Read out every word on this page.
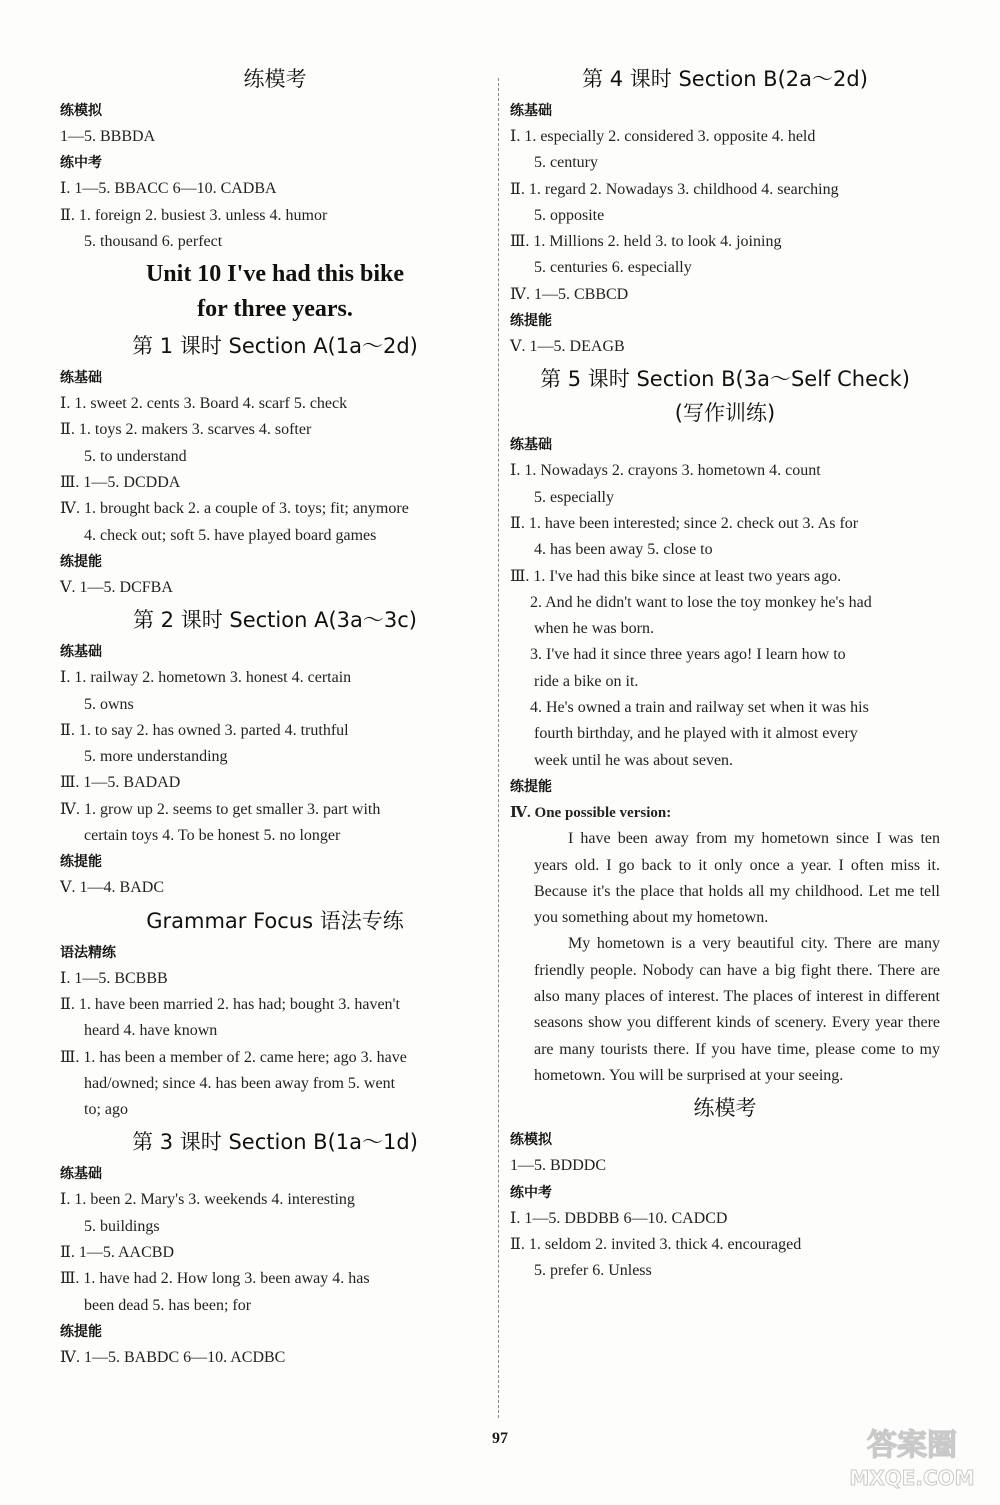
练模考
练模拟
1—5. BBBDA
练中考
Ⅰ. 1—5. BBACC 6—10. CADBA
Ⅱ. 1. foreign 2. busiest 3. unless 4. humor
5. thousand 6. perfect
Unit 10 I've had this bike
for three years.
第 1 课时 Section A(1a～2d)
练基础
Ⅰ. 1. sweet 2. cents 3. Board 4. scarf 5. check
Ⅱ. 1. toys 2. makers 3. scarves 4. softer
5. to understand
Ⅲ. 1—5. DCDDA
Ⅳ. 1. brought back 2. a couple of 3. toys; fit; anymore
4. check out; soft 5. have played board games
练提能
Ⅴ. 1—5. DCFBA
第 2 课时 Section A(3a～3c)
练基础
Ⅰ. 1. railway 2. hometown 3. honest 4. certain
5. owns
Ⅱ. 1. to say 2. has owned 3. parted 4. truthful
5. more understanding
Ⅲ. 1—5. BADAD
Ⅳ. 1. grow up 2. seems to get smaller 3. part with
certain toys 4. To be honest 5. no longer
练提能
Ⅴ. 1—4. BADC
Grammar Focus 语法专练
语法精练
Ⅰ. 1—5. BCBBB
Ⅱ. 1. have been married 2. has had; bought 3. haven't
heard 4. have known
Ⅲ. 1. has been a member of 2. came here; ago 3. have
had/owned; since 4. has been away from 5. went
to; ago
第 3 课时 Section B(1a～1d)
练基础
Ⅰ. 1. been 2. Mary's 3. weekends 4. interesting
5. buildings
Ⅱ. 1—5. AACBD
Ⅲ. 1. have had 2. How long 3. been away 4. has
been dead 5. has been; for
练提能
Ⅳ. 1—5. BABDC 6—10. ACDBC
第 4 课时 Section B(2a～2d)
练基础
Ⅰ. 1. especially 2. considered 3. opposite 4. held
5. century
Ⅱ. 1. regard 2. Nowadays 3. childhood 4. searching
5. opposite
Ⅲ. 1. Millions 2. held 3. to look 4. joining
5. centuries 6. especially
Ⅳ. 1—5. CBBCD
练提能
Ⅴ. 1—5. DEAGB
第 5 课时 Section B(3a～Self Check)
(写作训练)
练基础
Ⅰ. 1. Nowadays 2. crayons 3. hometown 4. count
5. especially
Ⅱ. 1. have been interested; since 2. check out 3. As for
4. has been away 5. close to
Ⅲ. 1. I've had this bike since at least two years ago.
2. And he didn't want to lose the toy monkey he's had
when he was born.
3. I've had it since three years ago! I learn how to
ride a bike on it.
4. He's owned a train and railway set when it was his
fourth birthday, and he played with it almost every
week until he was about seven.
练提能
Ⅳ. One possible version:
I have been away from my hometown since I was ten years old. I go back to it only once a year. I often miss it. Because it's the place that holds all my childhood. Let me tell you something about my hometown.
My hometown is a very beautiful city. There are many friendly people. Nobody can have a big fight there. There are also many places of interest. The places of interest in different seasons show you different kinds of scenery. Every year there are many tourists there. If you have time, please come to my hometown. You will be surprised at your seeing.
练模考
练模拟
1—5. BDDDC
练中考
Ⅰ. 1—5. DBDBB 6—10. CADCD
Ⅱ. 1. seldom 2. invited 3. thick 4. encouraged
5. prefer 6. Unless
97	答案圈
MXQE.COM
